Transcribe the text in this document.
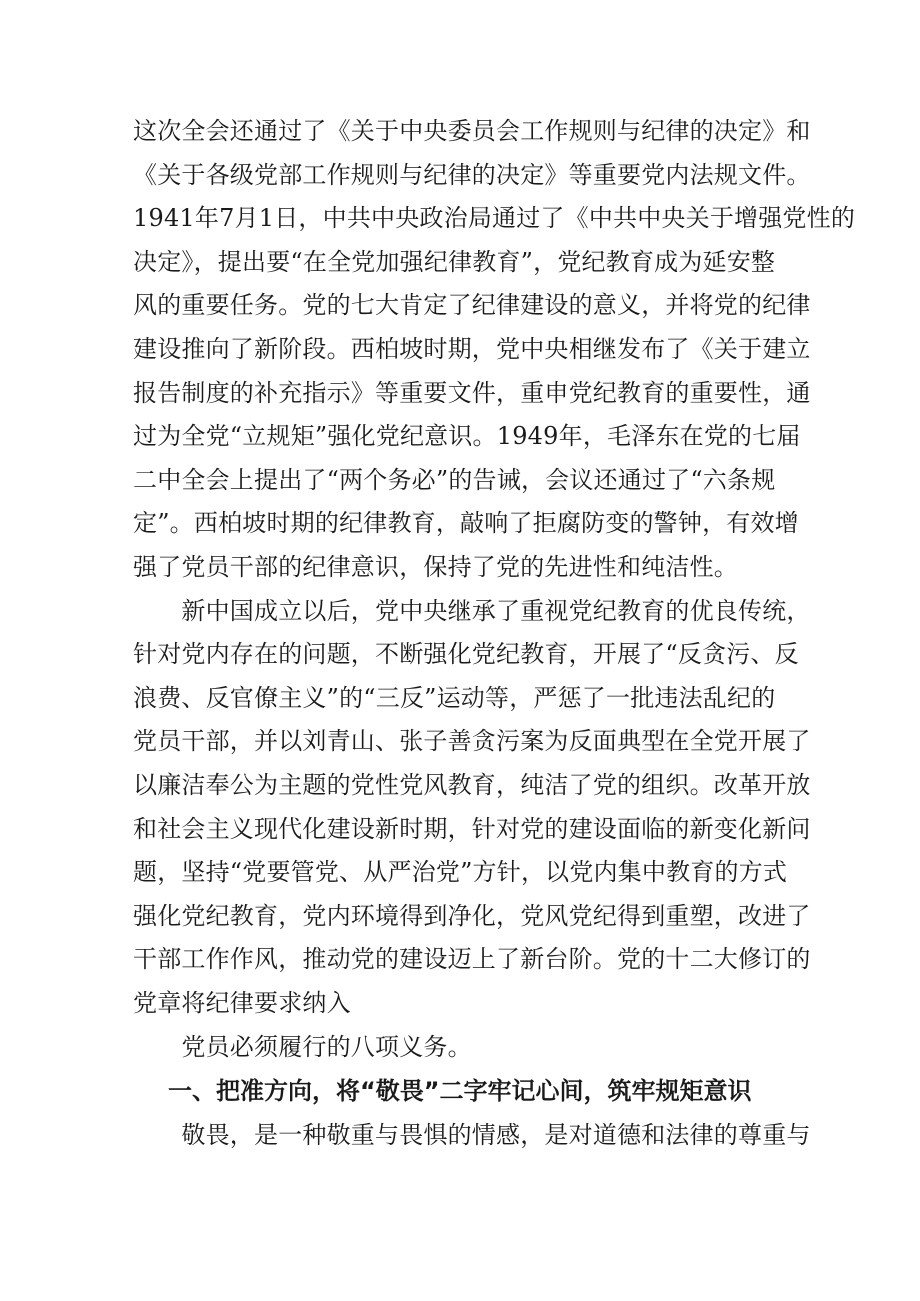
这次全会还通过了《关于中央委员会工作规则与纪律的决定》和
《关于各级党部工作规则与纪律的决定》等重要党内法规文件。
1941年7月1日，中共中央政治局通过了《中共中央关于增强党性的
决定》，提出要“在全党加强纪律教育”，党纪教育成为延安整
风的重要任务。党的七大肯定了纪律建设的意义，并将党的纪律
建设推向了新阶段。西柏坡时期，党中央相继发布了《关于建立
报告制度的补充指示》等重要文件，重申党纪教育的重要性，通
过为全党“立规矩”强化党纪意识。1949年，毛泽东在党的七届
二中全会上提出了“两个务必”的告诫，会议还通过了“六条规
定”。西柏坡时期的纪律教育，敲响了拒腐防变的警钟，有效增
强了党员干部的纪律意识，保持了党的先进性和纯洁性。
　　新中国成立以后，党中央继承了重视党纪教育的优良传统，
针对党内存在的问题，不断强化党纪教育，开展了“反贪污、反
浪费、反官僚主义”的“三反”运动等，严惩了一批违法乱纪的
党员干部，并以刘青山、张子善贪污案为反面典型在全党开展了
以廉洁奉公为主题的党性党风教育，纯洁了党的组织。改革开放
和社会主义现代化建设新时期，针对党的建设面临的新变化新问
题，坚持“党要管党、从严治党”方针，以党内集中教育的方式
强化党纪教育，党内环境得到净化，党风党纪得到重塑，改进了
干部工作作风，推动党的建设迈上了新台阶。党的十二大修订的
党章将纪律要求纳入
　　党员必须履行的八项义务。
一、把准方向，将“敬畏”二字牢记心间，筑牢规矩意识
　　敬畏，是一种敬重与畏惧的情感，是对道德和法律的尊重与
